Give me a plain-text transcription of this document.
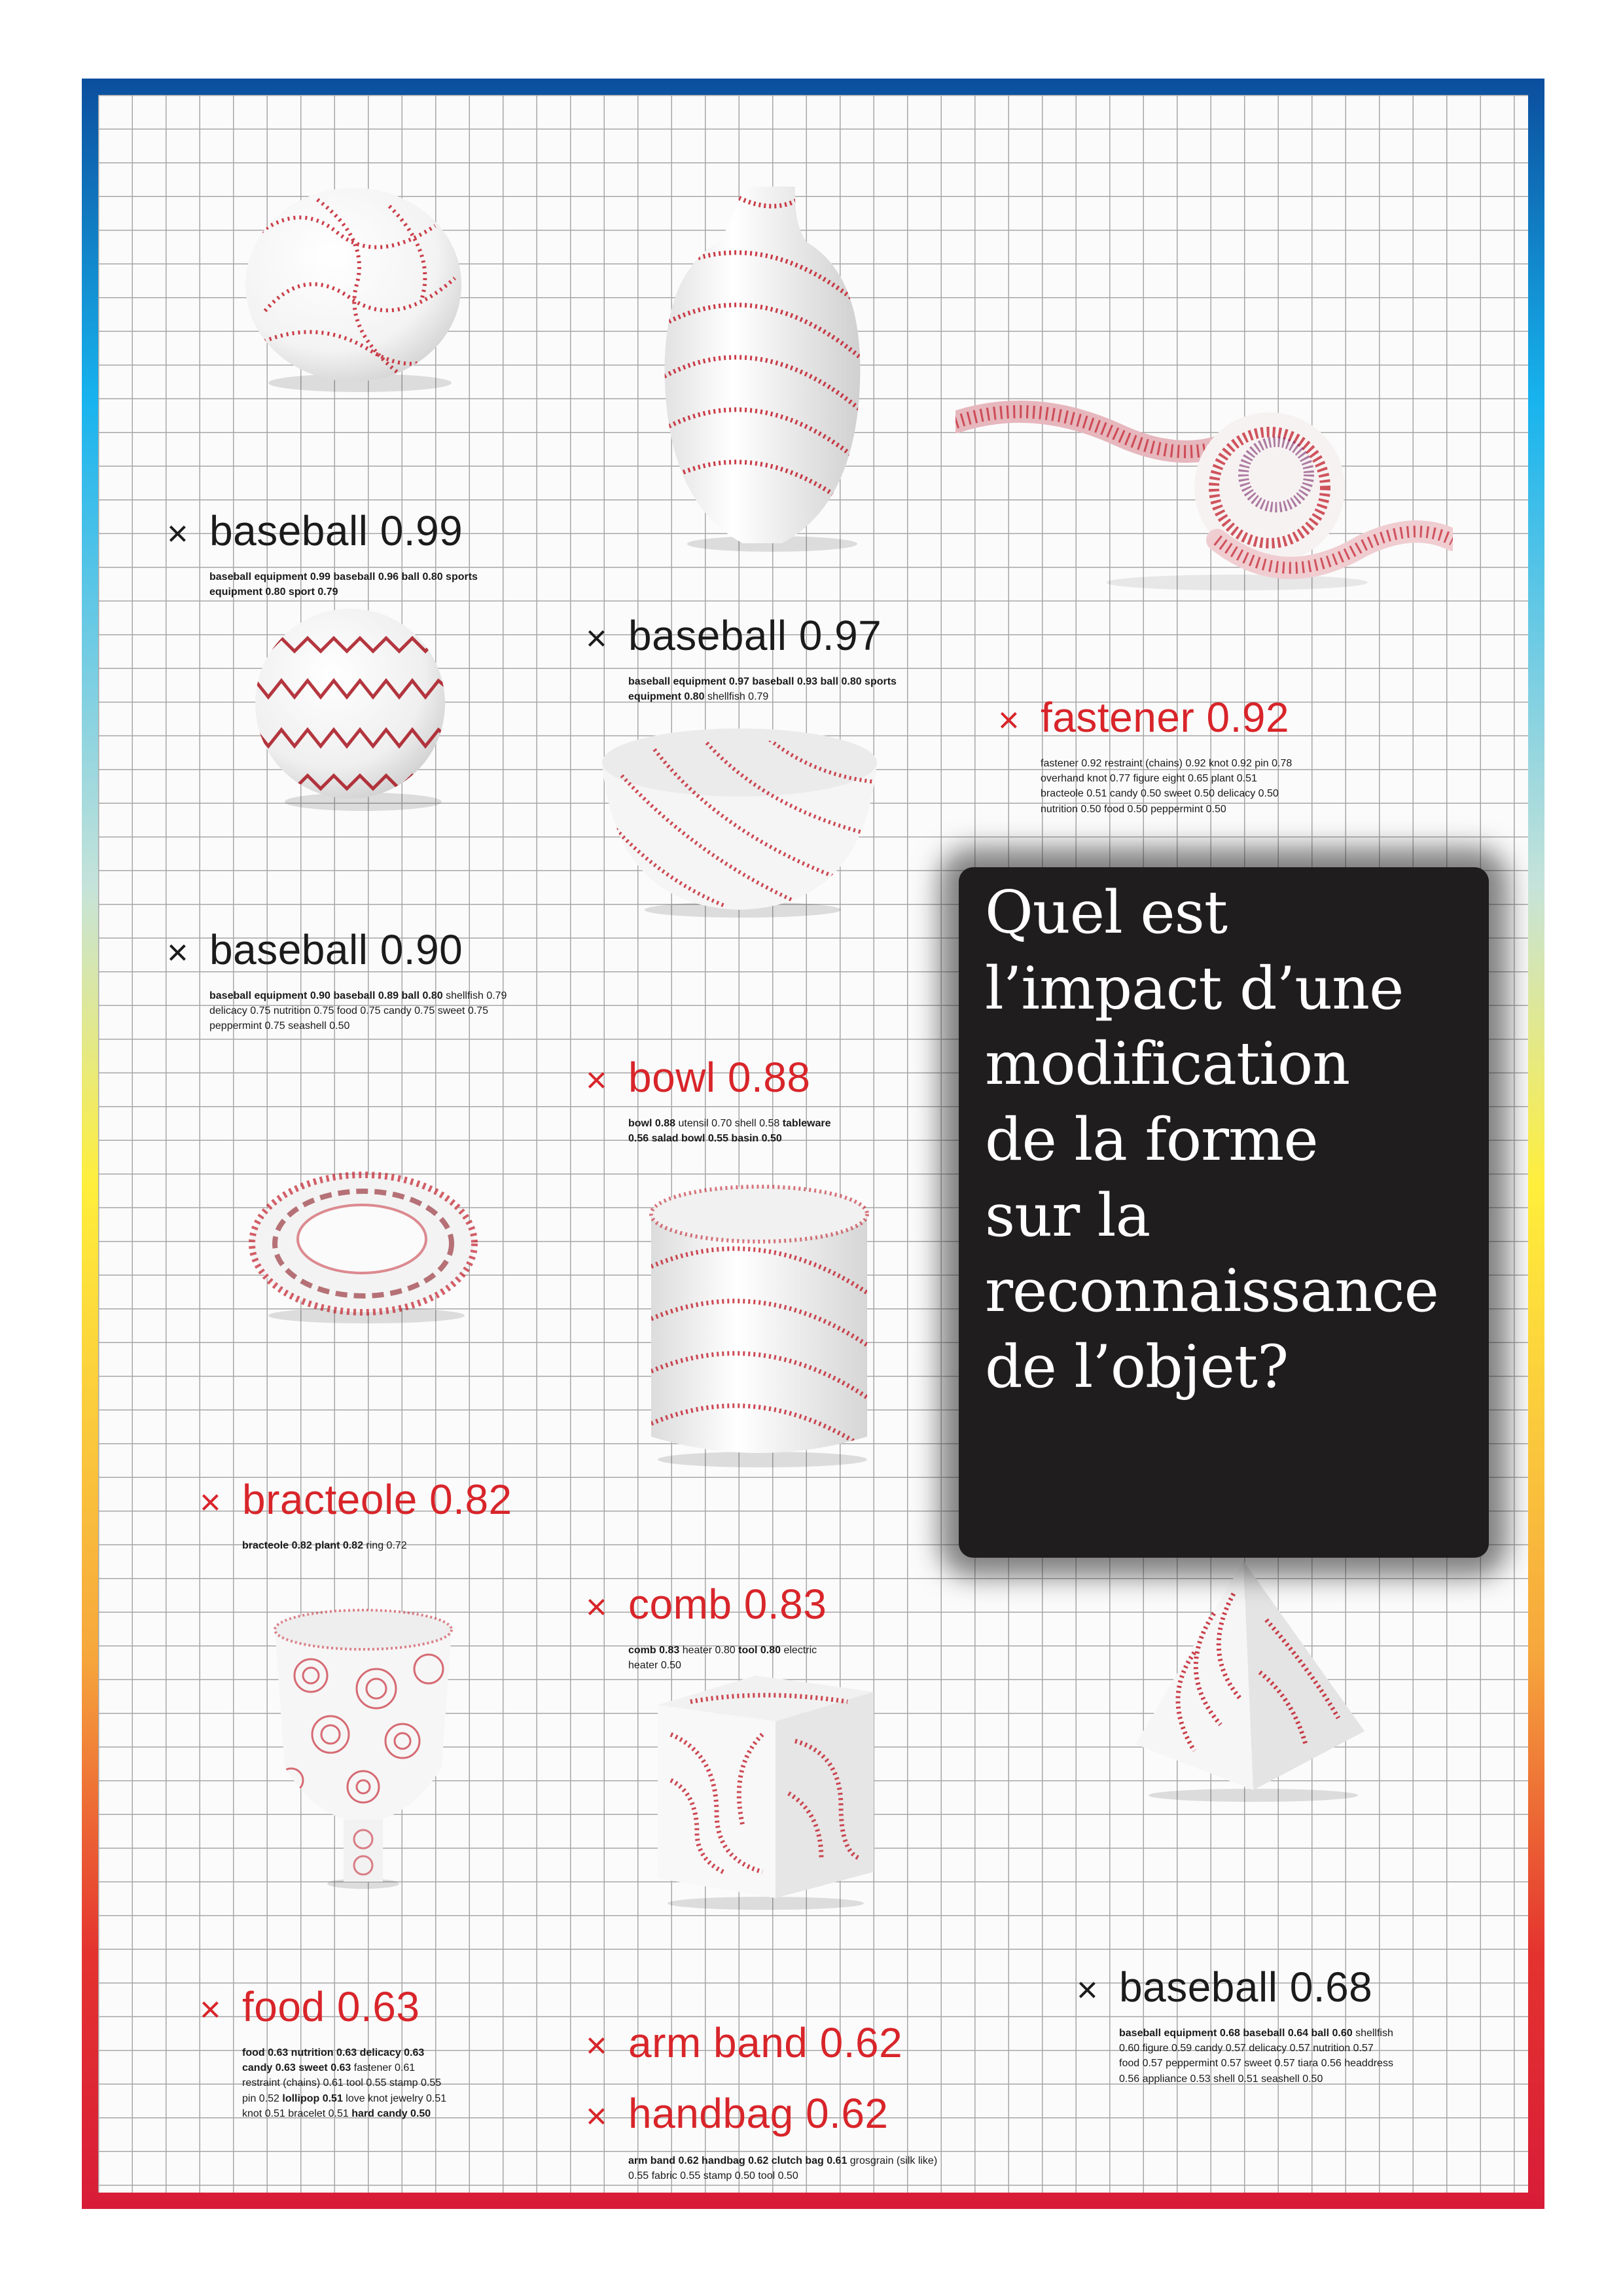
× baseball 0.99
baseball equipment 0.99 baseball 0.96 ball 0.80 sports equipment 0.80 sport 0.79
× baseball 0.97
baseball equipment 0.97 baseball 0.93 ball 0.80 sports equipment 0.80 shellfish 0.79
× fastener 0.92
fastener 0.92 restraint (chains) 0.92 knot 0.92 pin 0.78 overhand knot 0.77 figure eight 0.65 plant 0.51 bracteole 0.51 candy 0.50 sweet 0.50 delicacy 0.50 nutrition 0.50 food 0.50 peppermint 0.50
× baseball 0.90
baseball equipment 0.90 baseball 0.89 ball 0.80 shellfish 0.79 delicacy 0.75 nutrition 0.75 food 0.75 candy 0.75 sweet 0.75 peppermint 0.75 seashell 0.50
× bowl 0.88
bowl 0.88 utensil 0.70 shell 0.58 tableware 0.56 salad bowl 0.55 basin 0.50
× bracteole 0.82
bracteole 0.82 plant 0.82 ring 0.72
× comb 0.83
comb 0.83 heater 0.80 tool 0.80 electric heater 0.50
× food 0.63
food 0.63 nutrition 0.63 delicacy 0.63 candy 0.63 sweet 0.63 fastener 0.61 restraint (chains) 0.61 tool 0.55 stamp 0.55 pin 0.52 lollipop 0.51 love knot jewelry 0.51 knot 0.51 bracelet 0.51 hard candy 0.50
× arm band 0.62
× handbag 0.62
arm band 0.62 handbag 0.62 clutch bag 0.61 grosgrain (silk like) 0.55 fabric 0.55 stamp 0.50 tool 0.50
× baseball 0.68
baseball equipment 0.68 baseball 0.64 ball 0.60 shellfish 0.60 figure 0.59 candy 0.57 delicacy 0.57 nutrition 0.57 food 0.57 peppermint 0.57 sweet 0.57 tiara 0.56 headdress 0.56 appliance 0.53 shell 0.51 seashell 0.50

Quel est
l’impact d’une
modification
de la forme
sur la
reconnaissance
de l’objet?
